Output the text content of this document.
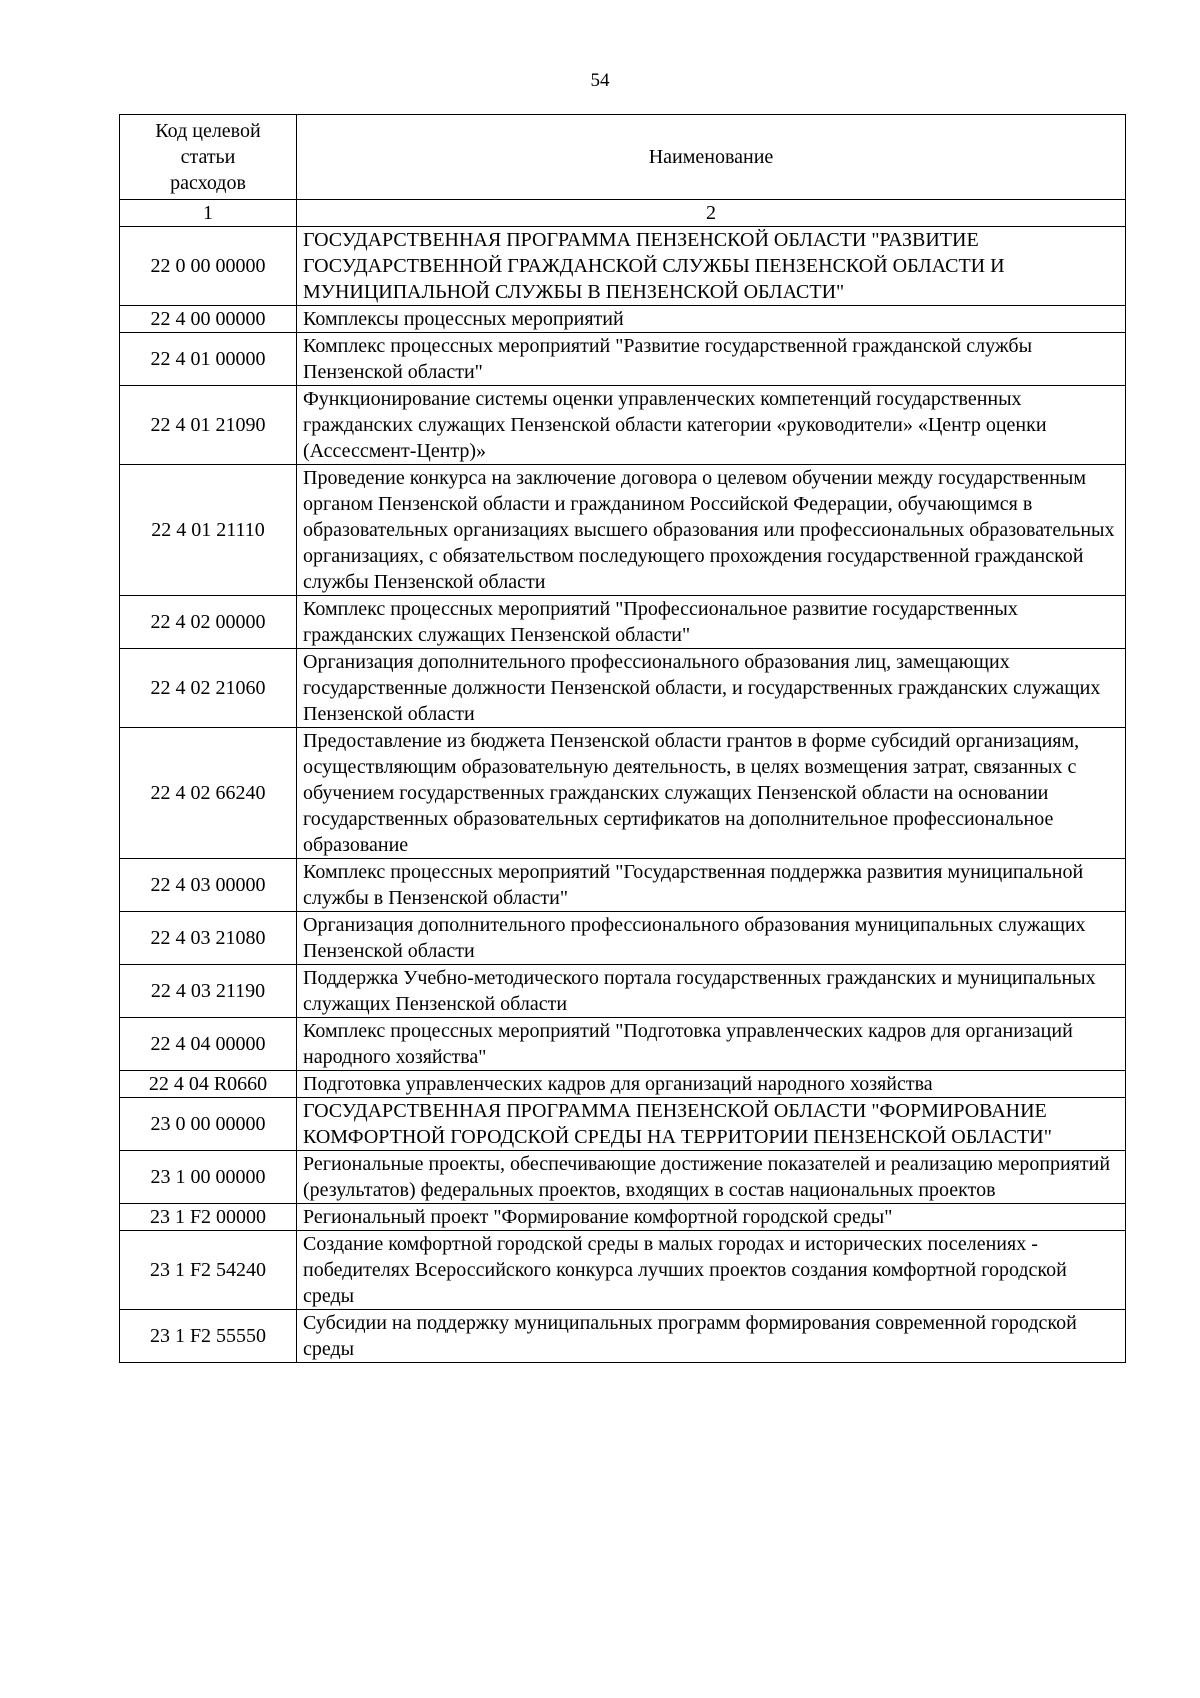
54
Код целевой
статьи
расходов	Наименование
1	2
22 0 00 00000	ГОСУДАРСТВЕННАЯ ПРОГРАММА ПЕНЗЕНСКОЙ ОБЛАСТИ "РАЗВИТИЕ ГОСУДАРСТВЕННОЙ ГРАЖДАНСКОЙ СЛУЖБЫ ПЕНЗЕНСКОЙ ОБЛАСТИ И МУНИЦИПАЛЬНОЙ СЛУЖБЫ В ПЕНЗЕНСКОЙ ОБЛАСТИ"
22 4 00 00000	Комплексы процессных мероприятий
22 4 01 00000	Комплекс процессных мероприятий "Развитие государственной гражданской службы Пензенской области"
22 4 01 21090	Функционирование системы оценки управленческих компетенций государственных гражданских служащих Пензенской области категории «руководители» «Центр оценки (Ассессмент-Центр)»
22 4 01 21110	Проведение конкурса на заключение договора о целевом обучении между государственным органом Пензенской области и гражданином Российской Федерации, обучающимся в образовательных организациях высшего образования или профессиональных образовательных организациях, с обязательством последующего прохождения государственной гражданской службы Пензенской области
22 4 02 00000	Комплекс процессных мероприятий "Профессиональное развитие государственных гражданских служащих Пензенской области"
22 4 02 21060	Организация дополнительного профессионального образования лиц, замещающих государственные должности Пензенской области, и государственных гражданских служащих Пензенской области
22 4 02 66240	Предоставление из бюджета Пензенской области грантов в форме субсидий организациям, осуществляющим образовательную деятельность, в целях возмещения затрат, связанных с обучением государственных гражданских служащих Пензенской области на основании государственных образовательных сертификатов на дополнительное профессиональное образование
22 4 03 00000	Комплекс процессных мероприятий "Государственная поддержка развития муниципальной службы в Пензенской области"
22 4 03 21080	Организация дополнительного профессионального образования муниципальных служащих Пензенской области
22 4 03 21190	Поддержка Учебно-методического портала государственных гражданских и муниципальных служащих Пензенской области
22 4 04 00000	Комплекс процессных мероприятий "Подготовка управленческих кадров для организаций народного хозяйства"
22 4 04 R0660	Подготовка управленческих кадров для организаций народного хозяйства
23 0 00 00000	ГОСУДАРСТВЕННАЯ ПРОГРАММА ПЕНЗЕНСКОЙ ОБЛАСТИ "ФОРМИРОВАНИЕ КОМФОРТНОЙ ГОРОДСКОЙ СРЕДЫ НА ТЕРРИТОРИИ ПЕНЗЕНСКОЙ ОБЛАСТИ"
23 1 00 00000	Региональные проекты, обеспечивающие достижение показателей и реализацию мероприятий (результатов) федеральных проектов, входящих в состав национальных проектов
23 1 F2 00000	Региональный проект "Формирование комфортной городской среды"
23 1 F2 54240	Создание комфортной городской среды в малых городах и исторических поселениях - победителях Всероссийского конкурса лучших проектов создания комфортной городской среды
23 1 F2 55550	Субсидии на поддержку муниципальных программ формирования современной городской среды
